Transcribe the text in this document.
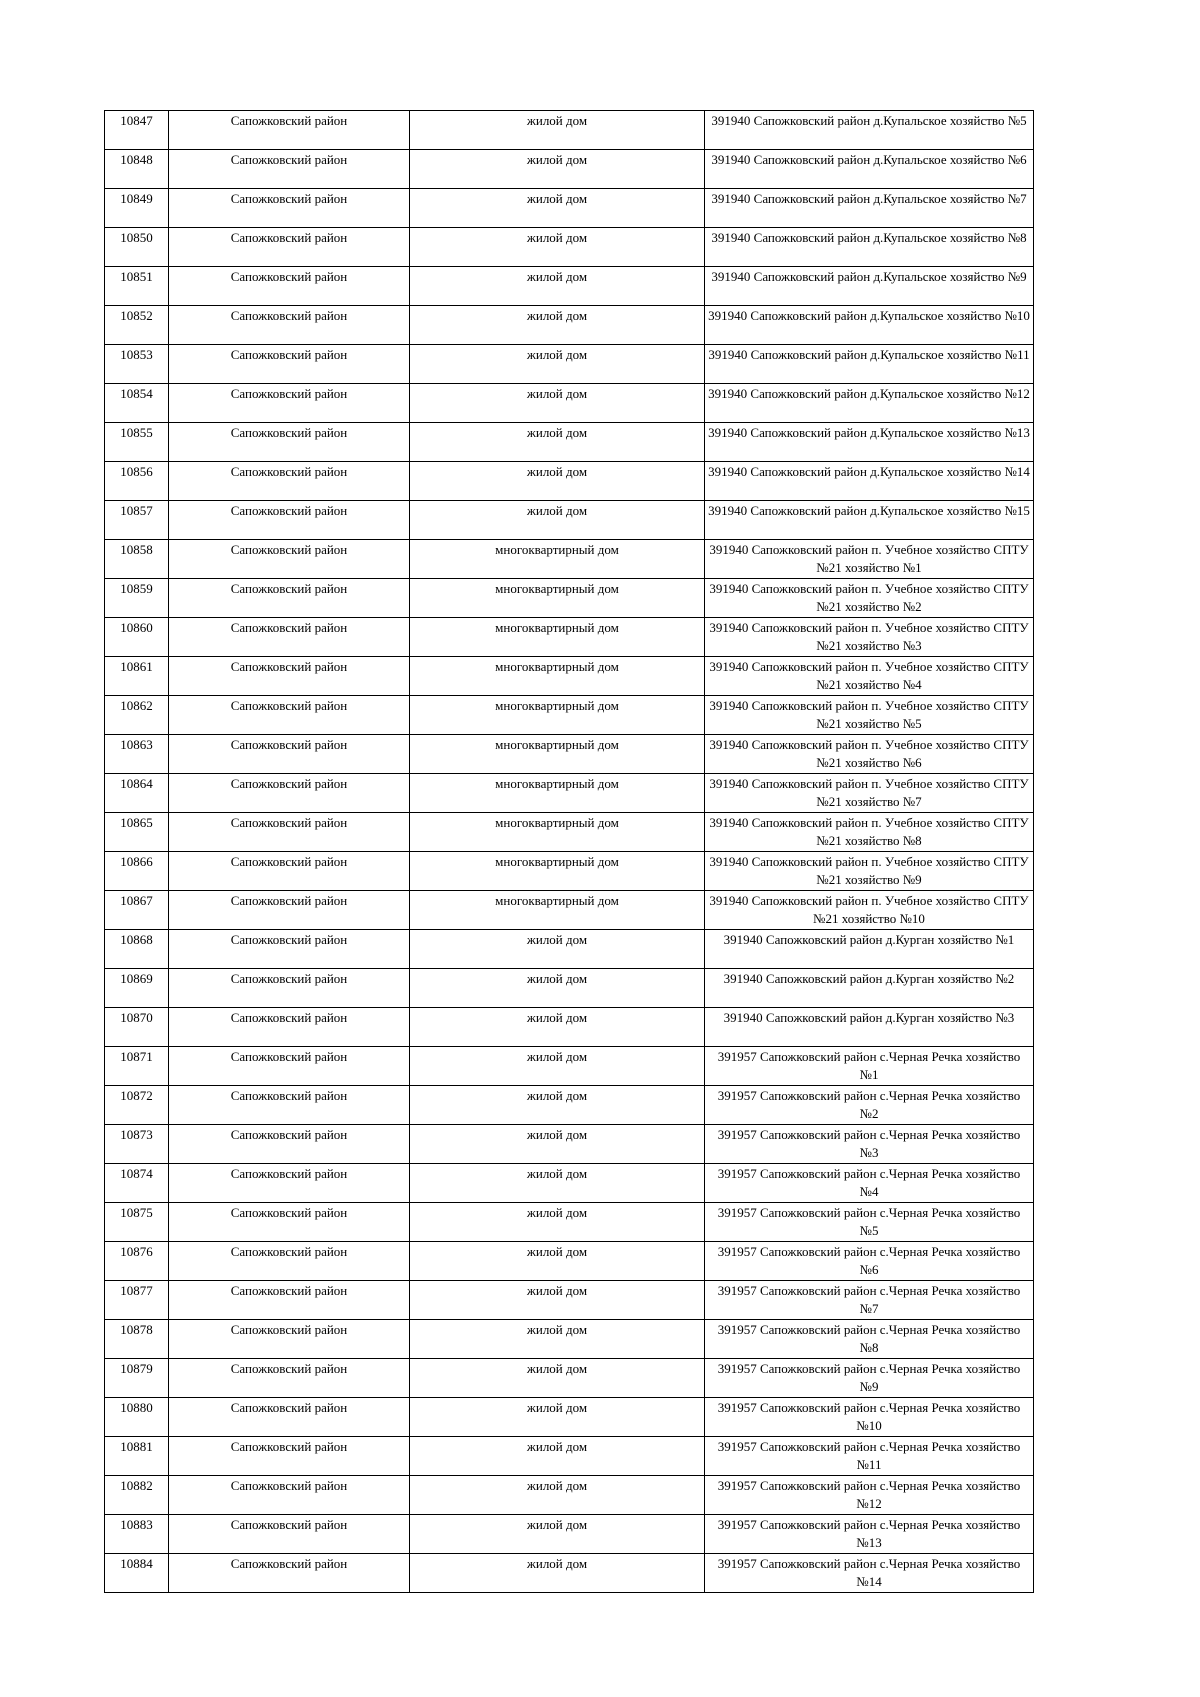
10847	Сапожковский район	жилой дом	391940 Сапожковский район д.Купальское хозяйство №5
10848	Сапожковский район	жилой дом	391940 Сапожковский район д.Купальское хозяйство №6
10849	Сапожковский район	жилой дом	391940 Сапожковский район д.Купальское хозяйство №7
10850	Сапожковский район	жилой дом	391940 Сапожковский район д.Купальское хозяйство №8
10851	Сапожковский район	жилой дом	391940 Сапожковский район д.Купальское хозяйство №9
10852	Сапожковский район	жилой дом	391940 Сапожковский район д.Купальское хозяйство №10
10853	Сапожковский район	жилой дом	391940 Сапожковский район д.Купальское хозяйство №11
10854	Сапожковский район	жилой дом	391940 Сапожковский район д.Купальское хозяйство №12
10855	Сапожковский район	жилой дом	391940 Сапожковский район д.Купальское хозяйство №13
10856	Сапожковский район	жилой дом	391940 Сапожковский район д.Купальское хозяйство №14
10857	Сапожковский район	жилой дом	391940 Сапожковский район д.Купальское хозяйство №15
10858	Сапожковский район	многоквартирный дом	391940 Сапожковский район п. Учебное хозяйство СПТУ №21 хозяйство №1
10859	Сапожковский район	многоквартирный дом	391940 Сапожковский район п. Учебное хозяйство СПТУ №21 хозяйство №2
10860	Сапожковский район	многоквартирный дом	391940 Сапожковский район п. Учебное хозяйство СПТУ №21 хозяйство №3
10861	Сапожковский район	многоквартирный дом	391940 Сапожковский район п. Учебное хозяйство СПТУ №21 хозяйство №4
10862	Сапожковский район	многоквартирный дом	391940 Сапожковский район п. Учебное хозяйство СПТУ №21 хозяйство №5
10863	Сапожковский район	многоквартирный дом	391940 Сапожковский район п. Учебное хозяйство СПТУ №21 хозяйство №6
10864	Сапожковский район	многоквартирный дом	391940 Сапожковский район п. Учебное хозяйство СПТУ №21 хозяйство №7
10865	Сапожковский район	многоквартирный дом	391940 Сапожковский район п. Учебное хозяйство СПТУ №21 хозяйство №8
10866	Сапожковский район	многоквартирный дом	391940 Сапожковский район п. Учебное хозяйство СПТУ №21 хозяйство №9
10867	Сапожковский район	многоквартирный дом	391940 Сапожковский район п. Учебное хозяйство СПТУ №21 хозяйство №10
10868	Сапожковский район	жилой дом	391940 Сапожковский район д.Курган хозяйство №1
10869	Сапожковский район	жилой дом	391940 Сапожковский район д.Курган хозяйство №2
10870	Сапожковский район	жилой дом	391940 Сапожковский район д.Курган хозяйство №3
10871	Сапожковский район	жилой дом	391957 Сапожковский район с.Черная Речка хозяйство №1
10872	Сапожковский район	жилой дом	391957 Сапожковский район с.Черная Речка хозяйство №2
10873	Сапожковский район	жилой дом	391957 Сапожковский район с.Черная Речка хозяйство №3
10874	Сапожковский район	жилой дом	391957 Сапожковский район с.Черная Речка хозяйство №4
10875	Сапожковский район	жилой дом	391957 Сапожковский район с.Черная Речка хозяйство №5
10876	Сапожковский район	жилой дом	391957 Сапожковский район с.Черная Речка хозяйство №6
10877	Сапожковский район	жилой дом	391957 Сапожковский район с.Черная Речка хозяйство №7
10878	Сапожковский район	жилой дом	391957 Сапожковский район с.Черная Речка хозяйство №8
10879	Сапожковский район	жилой дом	391957 Сапожковский район с.Черная Речка хозяйство №9
10880	Сапожковский район	жилой дом	391957 Сапожковский район с.Черная Речка хозяйство №10
10881	Сапожковский район	жилой дом	391957 Сапожковский район с.Черная Речка хозяйство №11
10882	Сапожковский район	жилой дом	391957 Сапожковский район с.Черная Речка хозяйство №12
10883	Сапожковский район	жилой дом	391957 Сапожковский район с.Черная Речка хозяйство №13
10884	Сапожковский район	жилой дом	391957 Сапожковский район с.Черная Речка хозяйство №14
